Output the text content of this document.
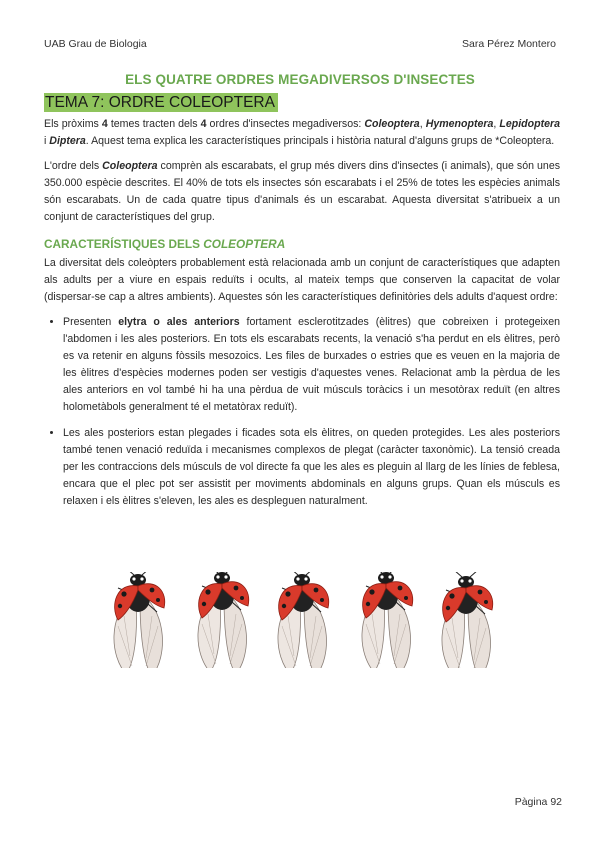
UAB Grau de Biologia	Sara Pérez Montero
ELS QUATRE ORDRES MEGADIVERSOS D'INSECTES
TEMA 7: ORDRE COLEOPTERA

Els pròxims 4 temes tracten dels 4 ordres d'insectes megadiversos: Coleoptera, Hymenoptera, Lepidoptera i Diptera. Aquest tema explica les característiques principals i història natural d'alguns grups de *Coleoptera.

L'ordre dels Coleoptera comprèn als escarabats, el grup més divers dins d'insectes (i animals), que són unes 350.000 espècie descrites. El 40% de tots els insectes són escarabats i el 25% de totes les espècies animals són escarabats. Un de cada quatre tipus d'animals és un escarabat. Aquesta diversitat s'atribueix a un conjunt de característiques del grup.

CARACTERÍSTIQUES DELS COLEOPTERA

La diversitat dels coleòpters probablement està relacionada amb un conjunt de característiques que adapten als adults per a viure en espais reduïts i ocults, al mateix temps que conserven la capacitat de volar (dispersar-se cap a altres ambients). Aquestes són les característiques definitòries dels adults d'aquest ordre:

• Presenten elytra o ales anteriors fortament esclerotitzades (èlitres) que cobreixen i protegeixen l'abdomen i les ales posteriors. En tots els escarabats recents, la venació s'ha perdut en els èlitres, però es va retenir en alguns fòssils mesozoics. Les files de burxades o estries que es veuen en la majoria de les èlitres d'espècies modernes poden ser vestigis d'aquestes venes. Relacionat amb la pèrdua de les ales anteriors en vol també hi ha una pèrdua de vuit músculs toràcics i un mesotòrax reduït (en altres holometàbols generalment té el metatòrax reduït).
• Les ales posteriors estan plegades i ficades sota els èlitres, on queden protegides. Les ales posteriors també tenen venació reduïda i mecanismes complexos de plegat (caràcter taxonòmic). La tensió creada per les contraccions dels músculs de vol directe fa que les ales es pleguin al llarg de les línies de feblesa, encara que el plec pot ser assistit per moviments abdominals en alguns grups. Quan els músculs es relaxen i els èlitres s'eleven, les ales es despleguen naturalment.
Pàgina 92
